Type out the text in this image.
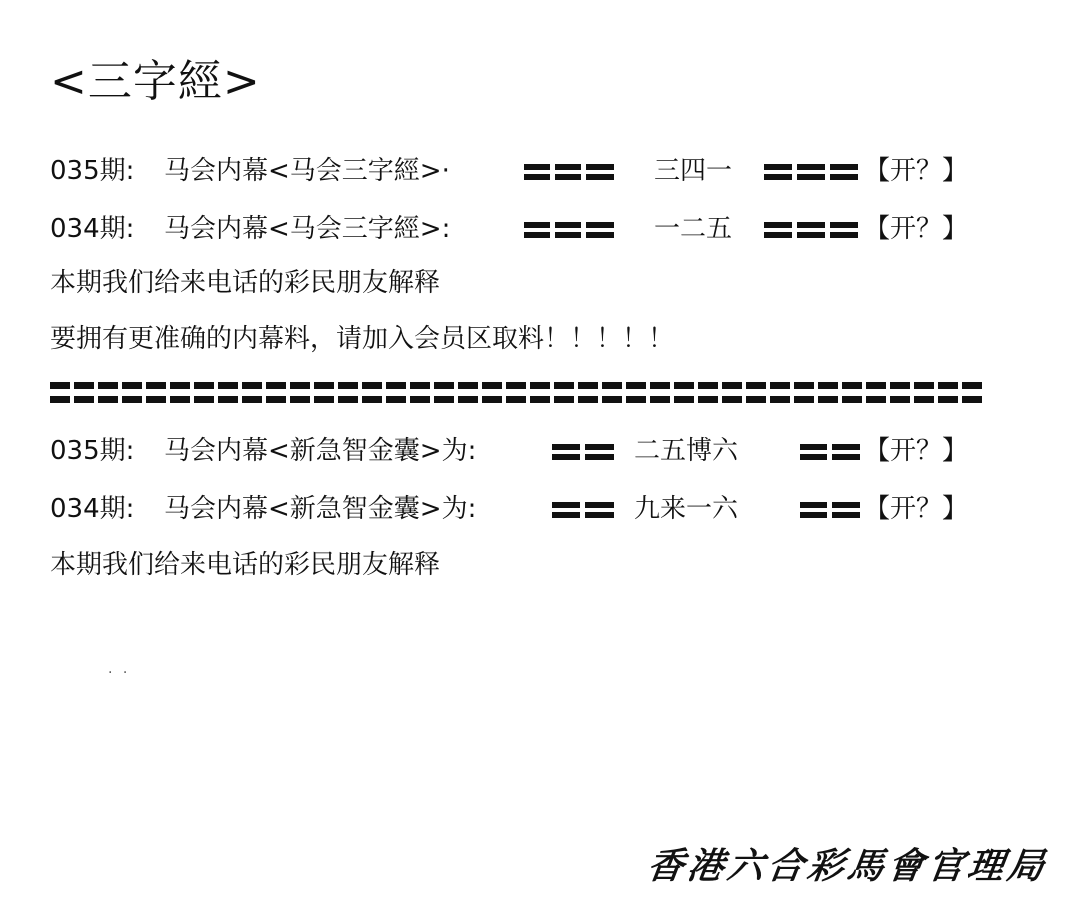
<三字經>
035期: 马会内幕<马会三字經>·	三四一	【开？】
034期: 马会内幕<马会三字經>:	一二五	【开？】
本期我们给来电话的彩民朋友解释
要拥有更准确的内幕料，请加入会员区取料！！！！！
035期: 马会内幕<新急智金囊>为:	二五博六	【开？】
034期: 马会内幕<新急智金囊>为:	九来一六	【开？】
本期我们给来电话的彩民朋友解释
· ·
香港六合彩馬會官理局
